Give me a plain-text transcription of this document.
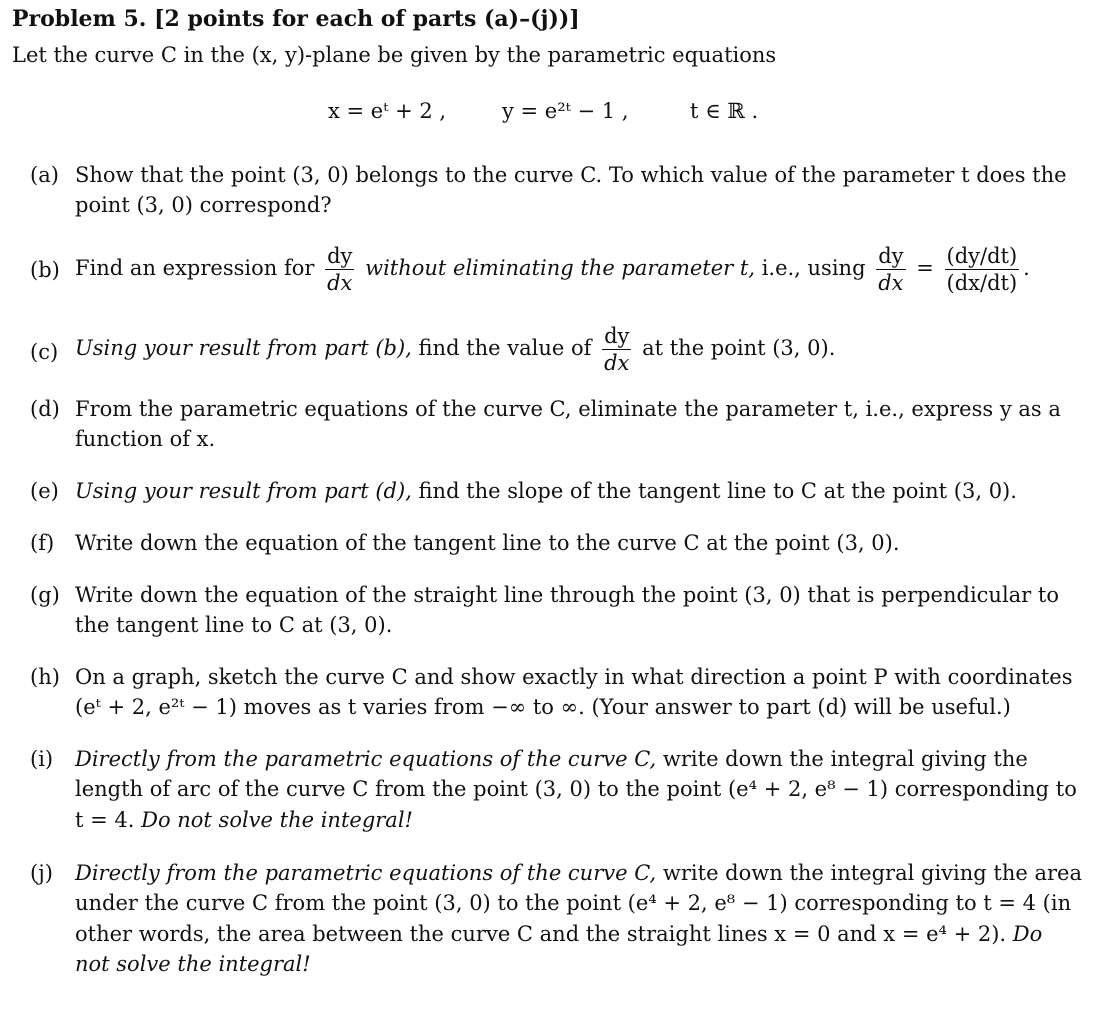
Problem 5. [2 points for each of parts (a)–(j))]
Let the curve C in the (x, y)-plane be given by the parametric equations
x = eᵗ + 2 ,	y = e²ᵗ − 1 ,	t ∈ ℝ .
(a) Show that the point (3, 0) belongs to the curve C. To which value of the parameter t does the point (3, 0) correspond?
(b) Find an expression for $\frac{dy}{dx}$ without eliminating the parameter t, i.e., using $\frac{dy}{dx} = \frac{(dy/dt)}{(dx/dt)}$ .
(c) Using your result from part (b), find the value of $\frac{dy}{dx}$ at the point (3, 0).
(d) From the parametric equations of the curve C, eliminate the parameter t, i.e., express y as a function of x.
(e) Using your result from part (d), find the slope of the tangent line to C at the point (3, 0).
(f) Write down the equation of the tangent line to the curve C at the point (3, 0).
(g) Write down the equation of the straight line through the point (3, 0) that is perpendicular to the tangent line to C at (3, 0).
(h) On a graph, sketch the curve C and show exactly in what direction a point P with coordinates (eᵗ + 2, e²ᵗ − 1) moves as t varies from −∞ to ∞. (Your answer to part (d) will be useful.)
(i)	Directly from the parametric equations of the curve C, write down the integral giving the length of arc of the curve C from the point (3, 0) to the point (e⁴ + 2, e⁸ − 1) corresponding to t = 4. Do not solve the integral!
(j)	Directly from the parametric equations of the curve C, write down the integral giving the area under the curve C from the point (3, 0) to the point (e⁴ + 2, e⁸ − 1) corresponding to t = 4 (in other words, the area between the curve C and the straight lines x = 0 and x = e⁴ + 2). Do not solve the integral!
